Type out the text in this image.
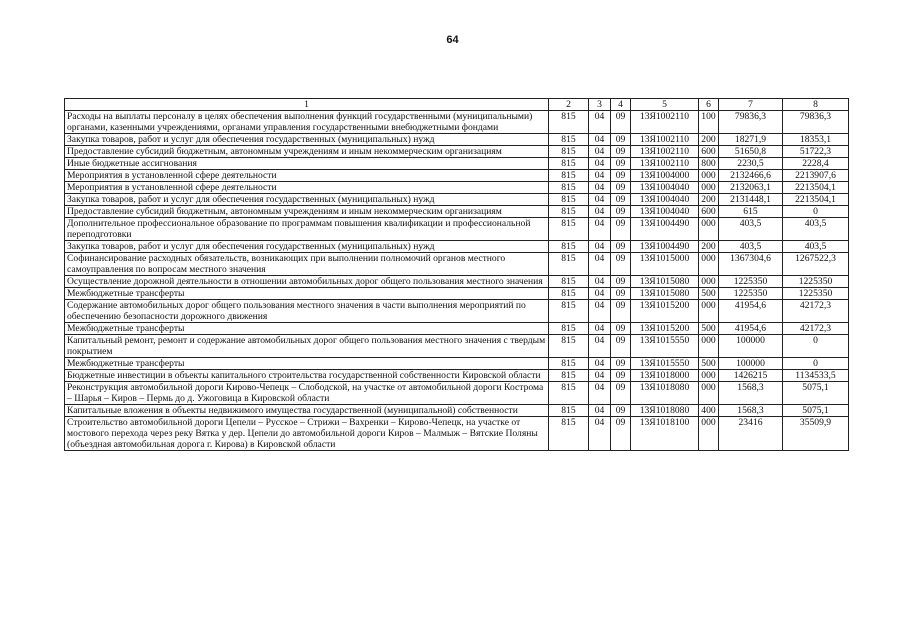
64
1	2	3	4	5	6	7	8
Расходы на выплаты персоналу в целях обеспечения выполнения функций государственными (муниципальными) органами, казенными учреждениями, органами управления государственными внебюджетными фондами	815	04	09	13Я1002110	100	79836,3	79836,3
Закупка товаров, работ и услуг для обеспечения государственных (муниципальных) нужд	815	04	09	13Я1002110	200	18271,9	18353,1
Предоставление субсидий бюджетным, автономным учреждениям и иным некоммерческим организациям	815	04	09	13Я1002110	600	51650,8	51722,3
Иные бюджетные ассигнования	815	04	09	13Я1002110	800	2230,5	2228,4
Мероприятия в установленной сфере деятельности	815	04	09	13Я1004000	000	2132466,6	2213907,6
Мероприятия в установленной сфере деятельности	815	04	09	13Я1004040	000	2132063,1	2213504,1
Закупка товаров, работ и услуг для обеспечения государственных (муниципальных) нужд	815	04	09	13Я1004040	200	2131448,1	2213504,1
Предоставление субсидий бюджетным, автономным учреждениям и иным некоммерческим организациям	815	04	09	13Я1004040	600	615	0
Дополнительное профессиональное образование по программам повышения квалификации и профессиональной переподготовки	815	04	09	13Я1004490	000	403,5	403,5
Закупка товаров, работ и услуг для обеспечения государственных (муниципальных) нужд	815	04	09	13Я1004490	200	403,5	403,5
Софинансирование расходных обязательств, возникающих при выполнении полномочий органов местного самоуправления по вопросам местного значения	815	04	09	13Я1015000	000	1367304,6	1267522,3
Осуществление дорожной деятельности в отношении автомобильных дорог общего пользования местного значения	815	04	09	13Я1015080	000	1225350	1225350
Межбюджетные трансферты	815	04	09	13Я1015080	500	1225350	1225350
Содержание автомобильных дорог общего пользования местного значения в части выполнения мероприятий по обеспечению безопасности дорожного движения	815	04	09	13Я1015200	000	41954,6	42172,3
Межбюджетные трансферты	815	04	09	13Я1015200	500	41954,6	42172,3
Капитальный ремонт, ремонт и содержание автомобильных дорог общего пользования местного значения с твердым покрытием	815	04	09	13Я1015550	000	100000	0
Межбюджетные трансферты	815	04	09	13Я1015550	500	100000	0
Бюджетные инвестиции в объекты капитального строительства государственной собственности Кировской области	815	04	09	13Я1018000	000	1426215	1134533,5
Реконструкция автомобильной дороги Кирово-Чепецк – Слободской, на участке от автомобильной дороги Кострома – Шарья – Киров – Пермь до д. Ужоговица в Кировской области	815	04	09	13Я1018080	000	1568,3	5075,1
Капитальные вложения в объекты недвижимого имущества государственной (муниципальной) собственности	815	04	09	13Я1018080	400	1568,3	5075,1
Строительство автомобильной дороги Цепели – Русское – Стрижи – Вахренки – Кирово-Чепецк, на участке от мостового перехода через реку Вятка у дер. Цепели до автомобильной дороги Киров – Малмыж – Вятские Поляны (объездная автомобильная дорога г. Кирова) в Кировской области	815	04	09	13Я1018100	000	23416	35509,9
